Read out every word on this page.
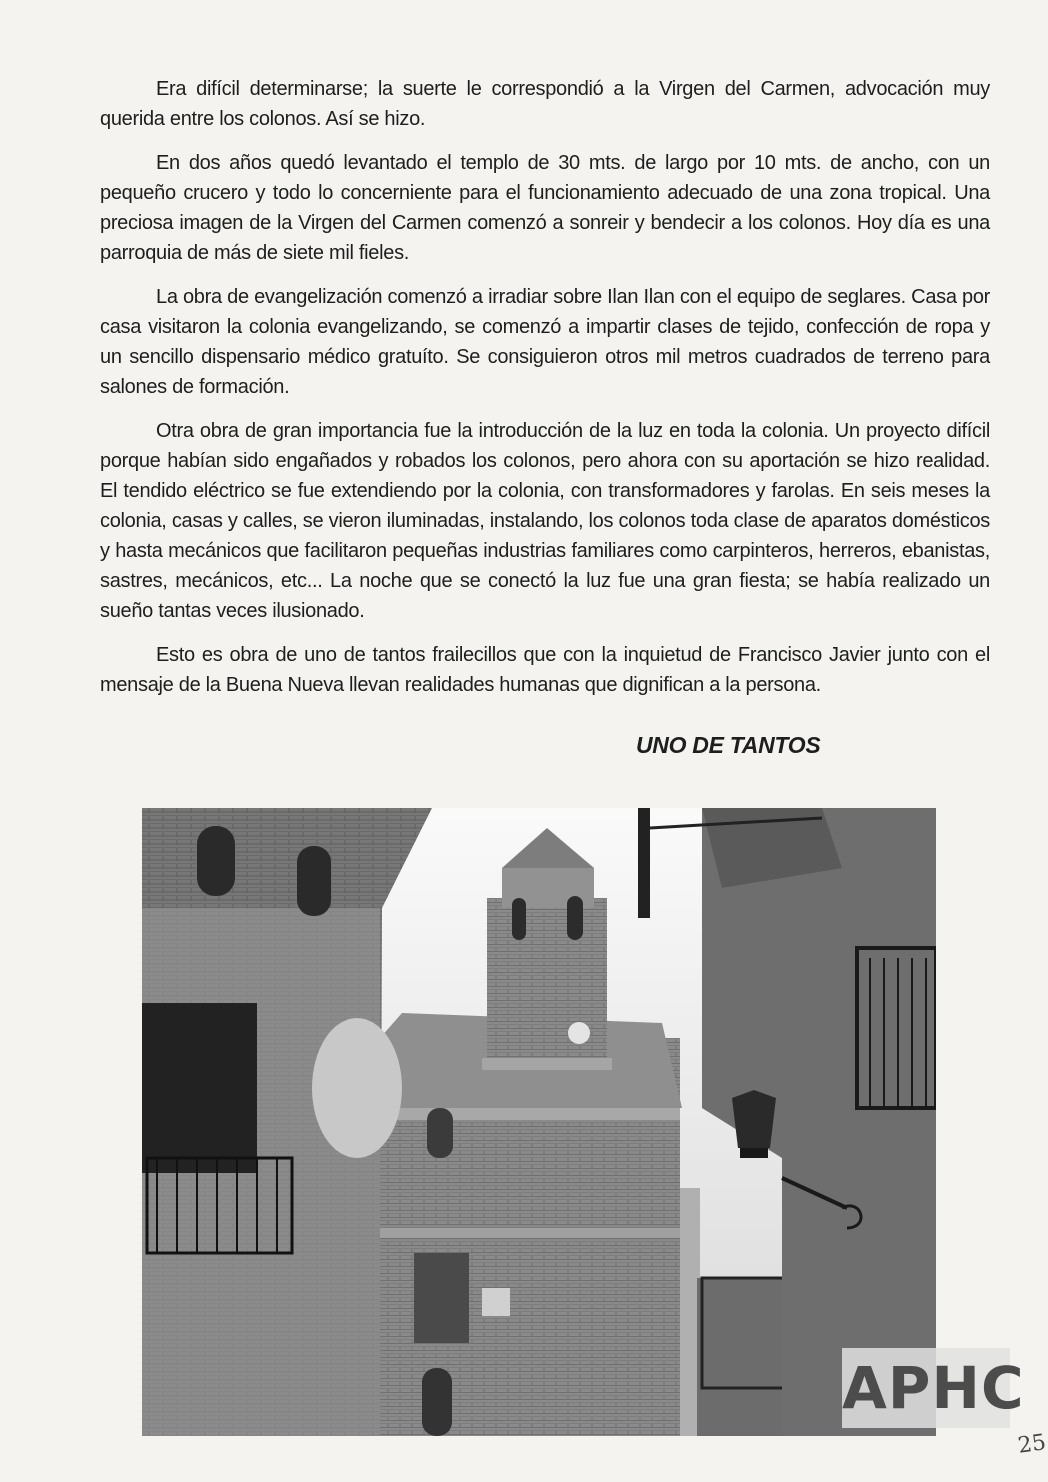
Era difícil determinarse; la suerte le correspondió a la Virgen del Carmen, advocación muy querida entre los colonos. Así se hizo.

En dos años quedó levantado el templo de 30 mts. de largo por 10 mts. de ancho, con un pequeño crucero y todo lo concerniente para el funcionamiento adecuado de una zona tropical. Una preciosa imagen de la Virgen del Carmen comenzó a sonreir y bendecir a los colonos. Hoy día es una parroquia de más de siete mil fieles.

La obra de evangelización comenzó a irradiar sobre Ilan Ilan con el equipo de seglares. Casa por casa visitaron la colonia evangelizando, se comenzó a impartir clases de tejido, confección de ropa y un sencillo dispensario médico gratuíto. Se consiguieron otros mil metros cuadrados de terreno para salones de formación.

Otra obra de gran importancia fue la introducción de la luz en toda la colonia. Un proyecto difícil porque habían sido engañados y robados los colonos, pero ahora con su aportación se hizo realidad. El tendido eléctrico se fue extendiendo por la colonia, con transformadores y farolas. En seis meses la colonia, casas y calles, se vieron iluminadas, instalando, los colonos toda clase de aparatos domésticos y hasta mecánicos que facilitaron pequeñas industrias familiares como carpinteros, herreros, ebanistas, sastres, mecánicos, etc... La noche que se conectó la luz fue una gran fiesta; se había realizado un sueño tantas veces ilusionado.

Esto es obra de uno de tantos frailecillos que con la inquietud de Francisco Javier junto con el mensaje de la Buena Nueva llevan realidades humanas que dignifican a la persona.

UNO DE TANTOS
APHC
25
